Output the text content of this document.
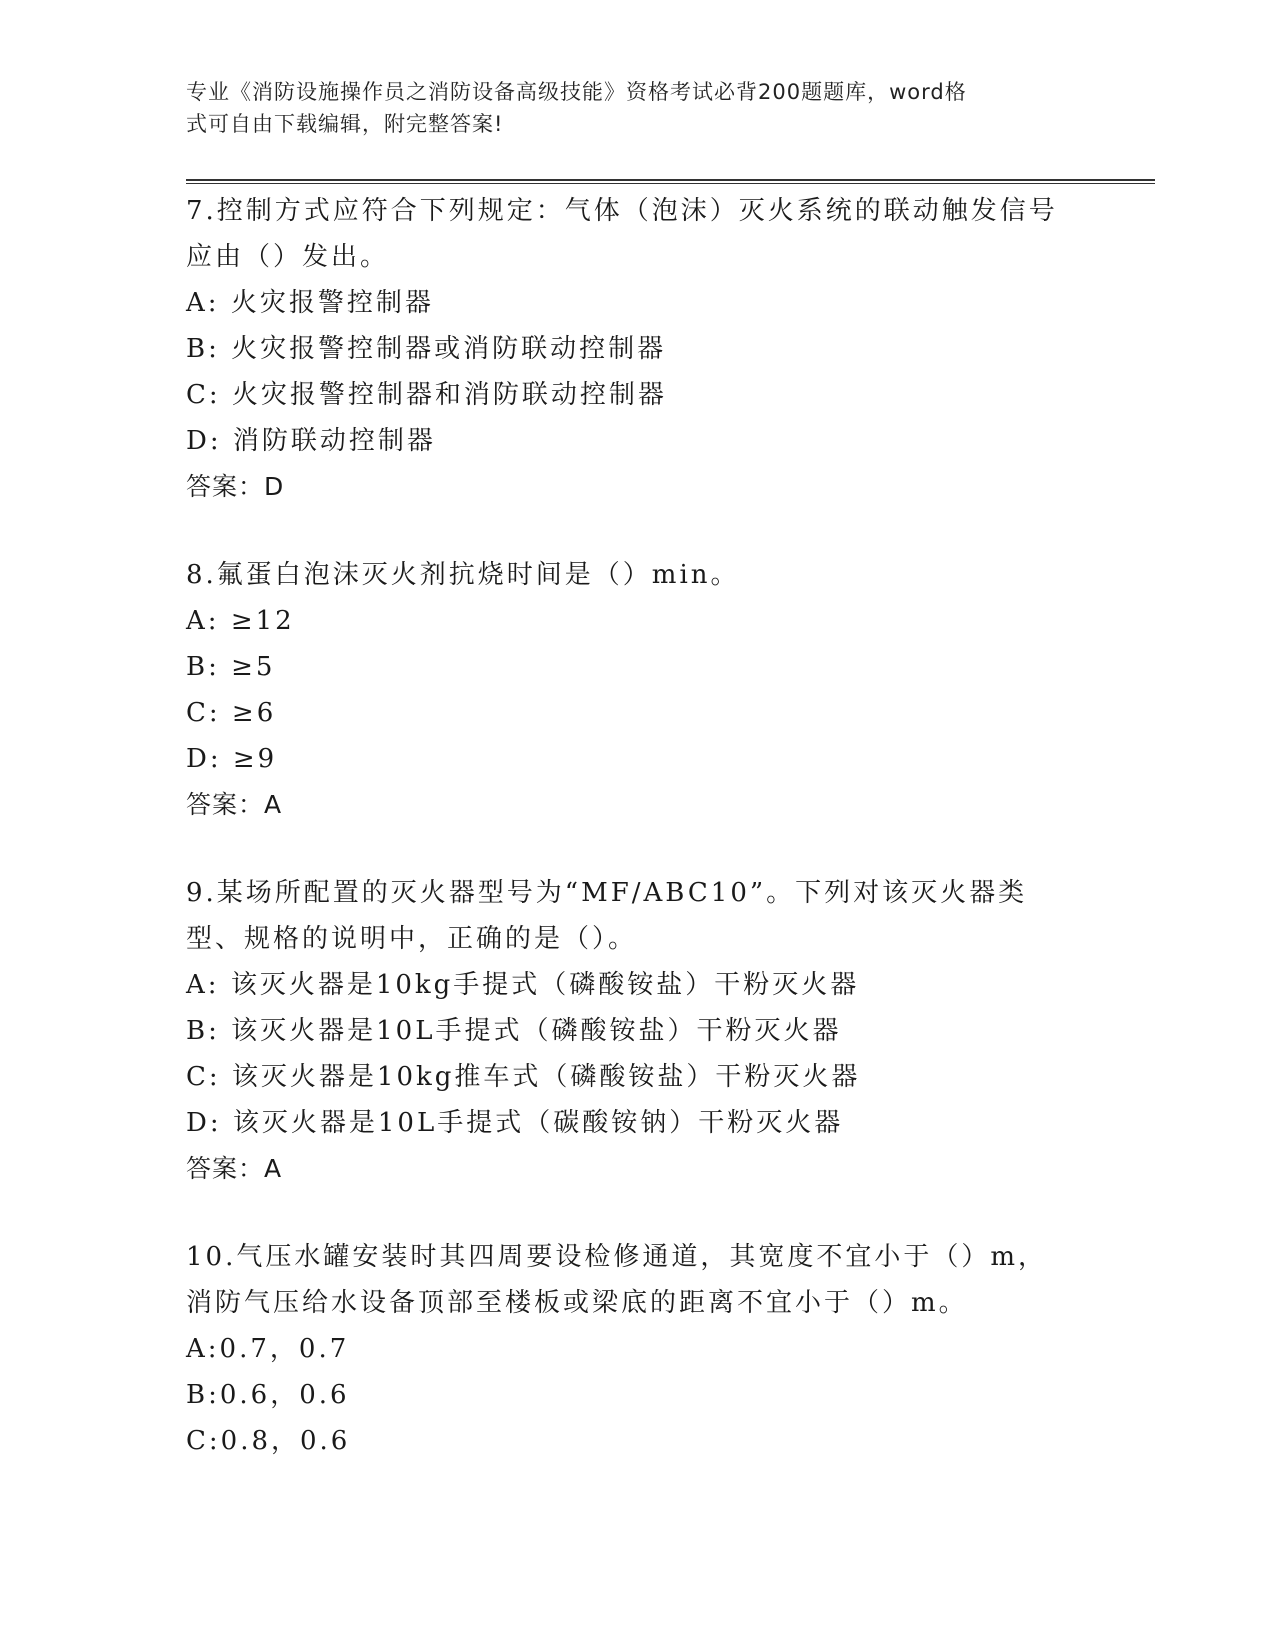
专业《消防设施操作员之消防设备高级技能》资格考试必背200题题库，word格
式可自由下载编辑，附完整答案!
7.控制方式应符合下列规定：气体（泡沫）灭火系统的联动触发信号应由（）发出。
A: 火灾报警控制器
B: 火灾报警控制器或消防联动控制器
C: 火灾报警控制器和消防联动控制器
D: 消防联动控制器
答案：D
8.氟蛋白泡沫灭火剂抗烧时间是（）min。
A: ≥12
B: ≥5
C: ≥6
D: ≥9
答案：A
9.某场所配置的灭火器型号为“MF/ABC10”。下列对该灭火器类型、规格的说明中，正确的是（）。
A: 该灭火器是10kg手提式（磷酸铵盐）干粉灭火器
B: 该灭火器是10L手提式（磷酸铵盐）干粉灭火器
C: 该灭火器是10kg推车式（磷酸铵盐）干粉灭火器
D: 该灭火器是10L手提式（碳酸铵钠）干粉灭火器
答案：A
10.气压水罐安装时其四周要设检修通道，其宽度不宜小于（）m，消防气压给水设备顶部至楼板或梁底的距离不宜小于（）m。
A:0.7，0.7
B:0.6，0.6
C:0.8，0.6
